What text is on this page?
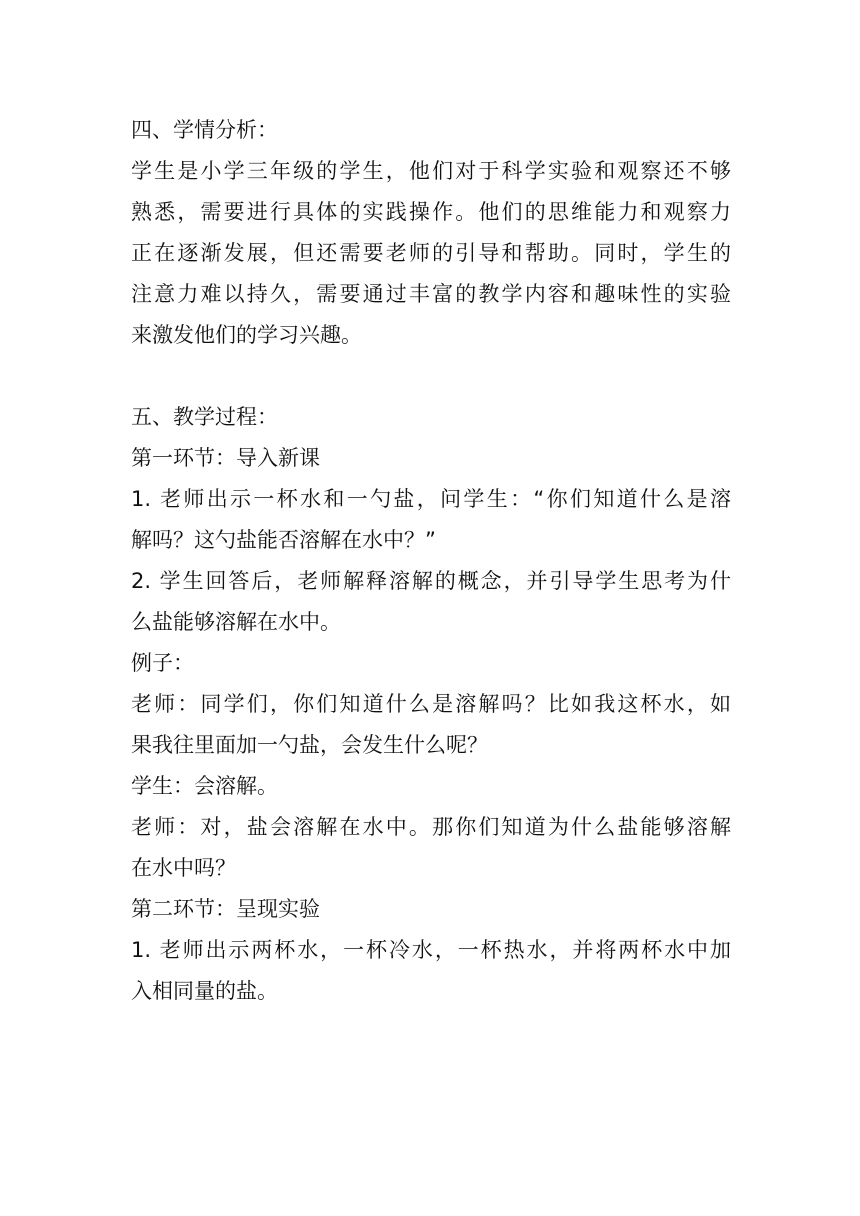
四、学情分析：
学生是小学三年级的学生，他们对于科学实验和观察还不够
熟悉，需要进行具体的实践操作。他们的思维能力和观察力
正在逐渐发展，但还需要老师的引导和帮助。同时，学生的
注意力难以持久，需要通过丰富的教学内容和趣味性的实验
来激发他们的学习兴趣。
五、教学过程：
第一环节：导入新课
1. 老师出示一杯水和一勺盐，问学生：“你们知道什么是溶
解吗？这勺盐能否溶解在水中？”
2. 学生回答后，老师解释溶解的概念，并引导学生思考为什
么盐能够溶解在水中。
例子：
老师：同学们，你们知道什么是溶解吗？比如我这杯水，如
果我往里面加一勺盐，会发生什么呢？
学生：会溶解。
老师：对，盐会溶解在水中。那你们知道为什么盐能够溶解
在水中吗？
第二环节：呈现实验
1. 老师出示两杯水，一杯冷水，一杯热水，并将两杯水中加
入相同量的盐。
